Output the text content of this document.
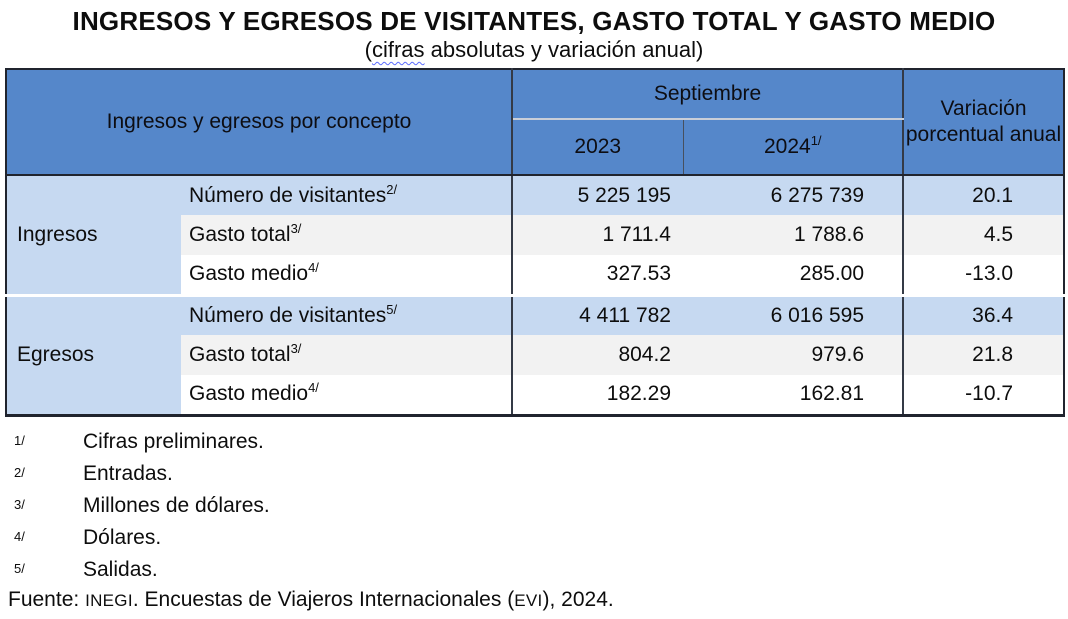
INGRESOS Y EGRESOS DE VISITANTES, GASTO TOTAL Y GASTO MEDIO
(cifras absolutas y variación anual)
Ingresos y egresos por concepto		Septiembre		Variación porcentual anual
		2023	2024$^{1/}$
Ingresos	Número de visitantes$^{2/}$	5 225 195	6 275 739	20.1
	Gasto total$^{3/}$	1 711.4	1 788.6	4.5
	Gasto medio$^{4/}$	327.53	285.00	-13.0
Egresos	Número de visitantes$^{5/}$	4 411 782	6 016 595	36.4
	Gasto total$^{3/}$	804.2	979.6	21.8
	Gasto medio$^{4/}$	182.29	162.81	-10.7
1/	Cifras preliminares.
2/	Entradas.
3/	Millones de dólares.
4/	Dólares.
5/	Salidas.
Fuente: INEGI. Encuestas de Viajeros Internacionales (EVI), 2024.
